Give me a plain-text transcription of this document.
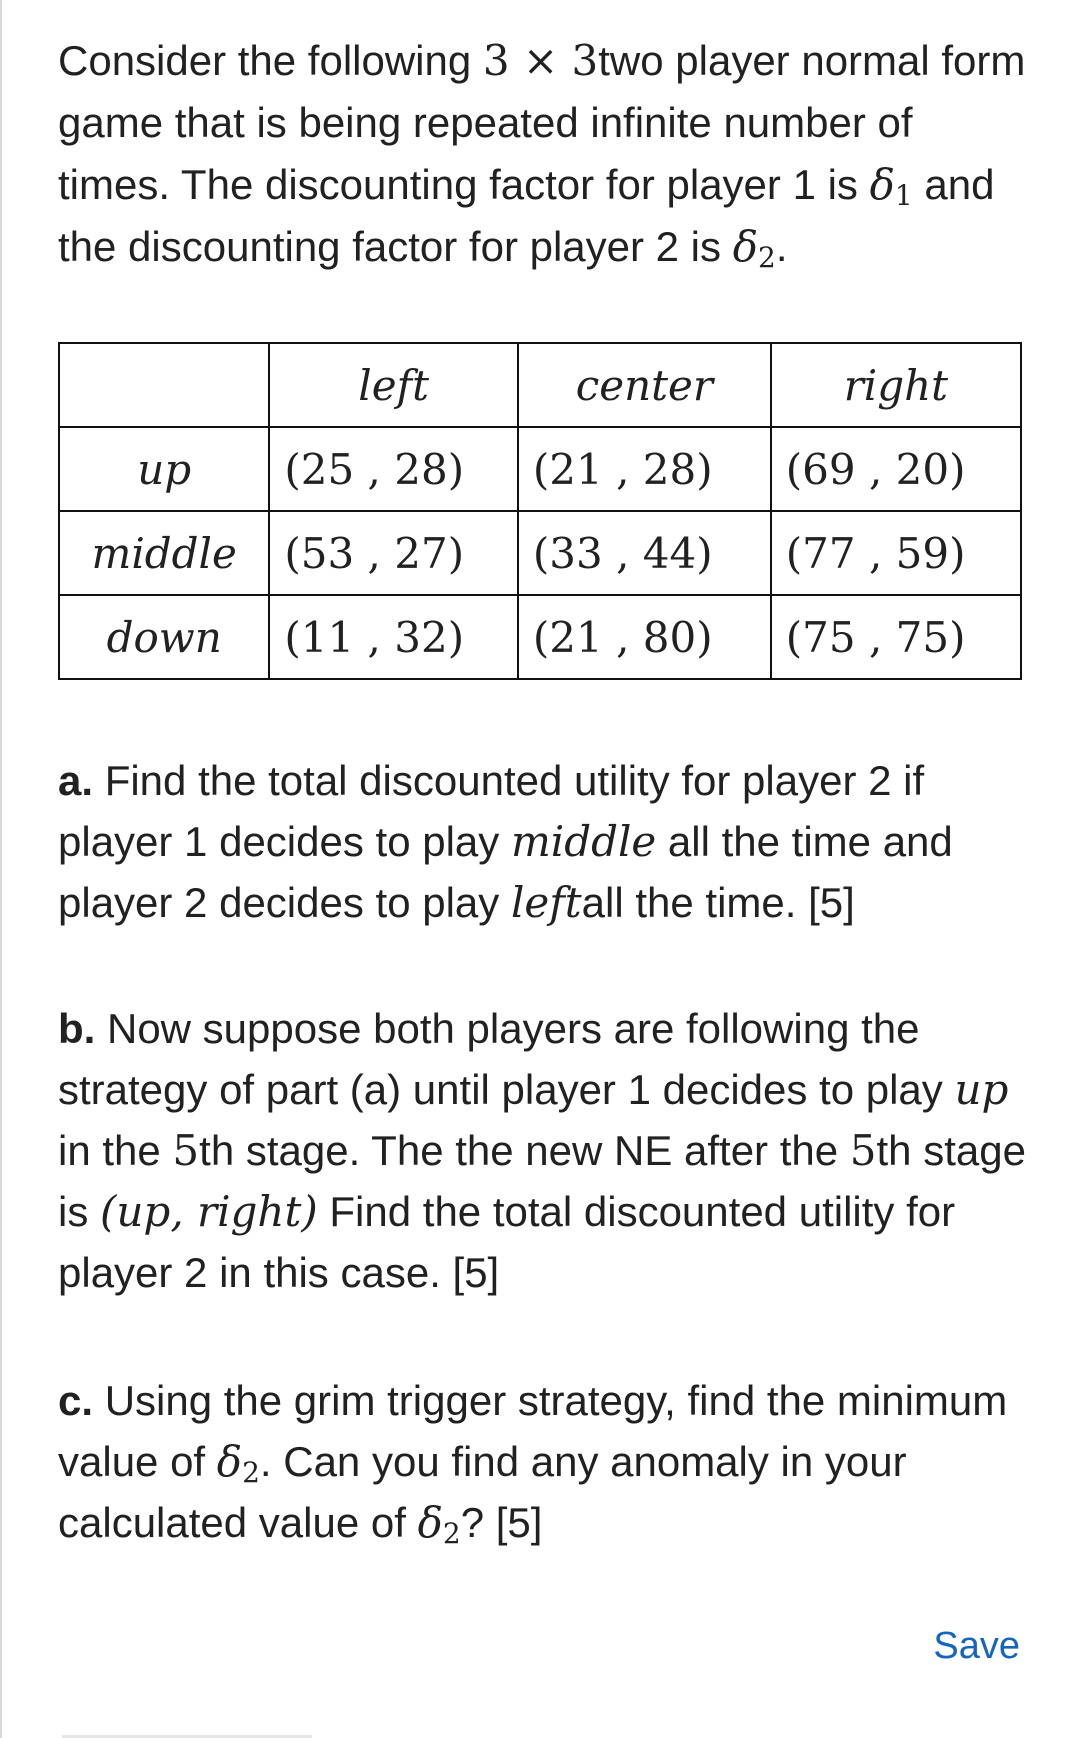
Consider the following 3 × 3two player normal form game that is being repeated infinite number of times. The discounting factor for player 1 is $\delta_1$ and the discounting factor for player 2 is $\delta_2$.

	left	center	right
up	(25 , 28)	(21 , 28)	(69 , 20)
middle	(53 , 27)	(33 , 44)	(77 , 59)
down	(11 , 32)	(21 , 80)	(75 , 75)

a. Find the total discounted utility for player 2 if player 1 decides to play middle all the time and player 2 decides to play leftall the time. [5]

b. Now suppose both players are following the strategy of part (a) until player 1 decides to play up in the 5th stage. The the new NE after the 5th stage is (up, right) Find the total discounted utility for player 2 in this case. [5]

c. Using the grim trigger strategy, find the minimum value of $\delta_2$. Can you find any anomaly in your calculated value of $\delta_2$? [5]

Save
